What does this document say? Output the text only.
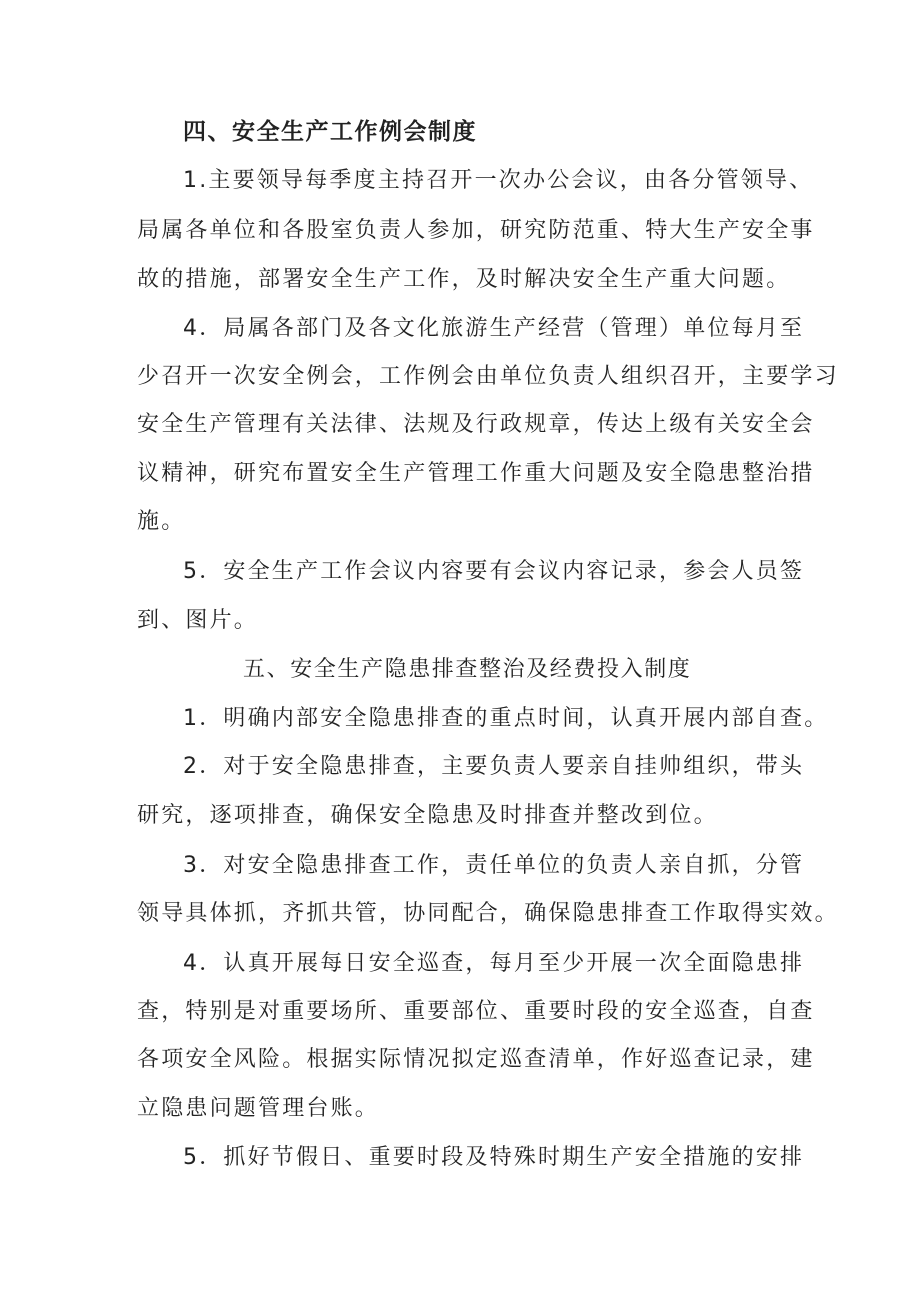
四、安全生产工作例会制度
1.主要领导每季度主持召开一次办公会议，由各分管领导、
局属各单位和各股室负责人参加，研究防范重、特大生产安全事
故的措施，部署安全生产工作，及时解决安全生产重大问题。
4．局属各部门及各文化旅游生产经营（管理）单位每月至
少召开一次安全例会，工作例会由单位负责人组织召开，主要学习
安全生产管理有关法律、法规及行政规章，传达上级有关安全会
议精神，研究布置安全生产管理工作重大问题及安全隐患整治措
施。
5．安全生产工作会议内容要有会议内容记录，参会人员签
到、图片。
五、安全生产隐患排查整治及经费投入制度
1．明确内部安全隐患排查的重点时间，认真开展内部自查。
2．对于安全隐患排查，主要负责人要亲自挂帅组织，带头
研究，逐项排查，确保安全隐患及时排查并整改到位。
3．对安全隐患排查工作，责任单位的负责人亲自抓，分管
领导具体抓，齐抓共管，协同配合，确保隐患排查工作取得实效。
4．认真开展每日安全巡查，每月至少开展一次全面隐患排
查，特别是对重要场所、重要部位、重要时段的安全巡查，自查
各项安全风险。根据实际情况拟定巡查清单，作好巡查记录，建
立隐患问题管理台账。
5．抓好节假日、重要时段及特殊时期生产安全措施的安排
